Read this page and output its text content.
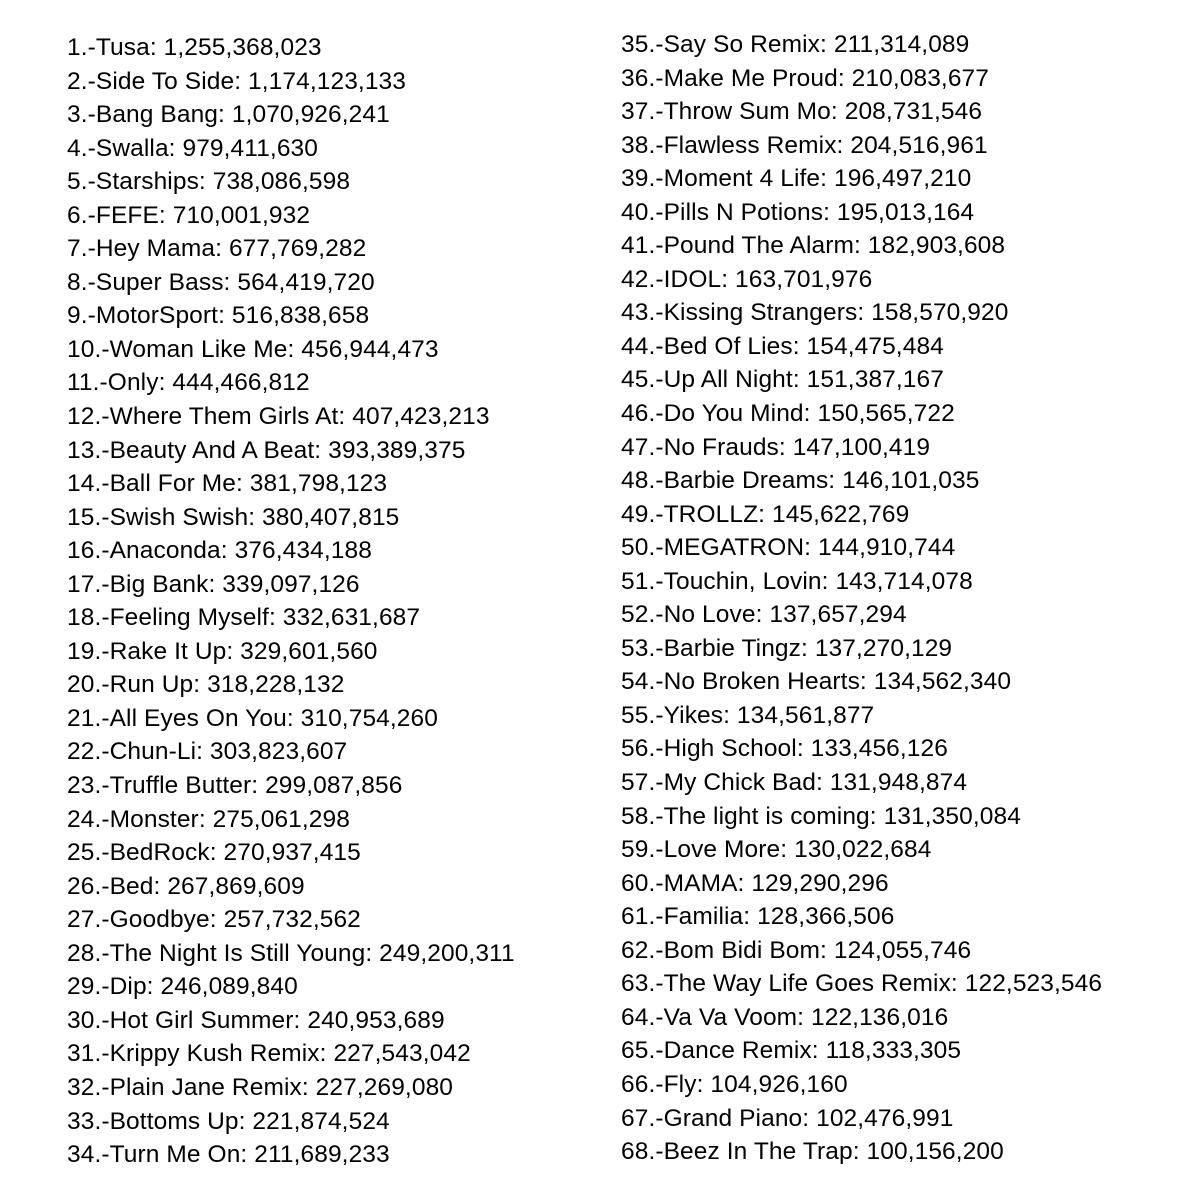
1.-Tusa: 1,255,368,023
2.-Side To Side: 1,174,123,133
3.-Bang Bang: 1,070,926,241
4.-Swalla: 979,411,630
5.-Starships: 738,086,598
6.-FEFE: 710,001,932
7.-Hey Mama: 677,769,282
8.-Super Bass: 564,419,720
9.-MotorSport: 516,838,658
10.-Woman Like Me: 456,944,473
11.-Only: 444,466,812
12.-Where Them Girls At: 407,423,213
13.-Beauty And A Beat: 393,389,375
14.-Ball For Me: 381,798,123
15.-Swish Swish: 380,407,815
16.-Anaconda: 376,434,188
17.-Big Bank: 339,097,126
18.-Feeling Myself: 332,631,687
19.-Rake It Up: 329,601,560
20.-Run Up: 318,228,132
21.-All Eyes On You: 310,754,260
22.-Chun-Li: 303,823,607
23.-Truffle Butter: 299,087,856
24.-Monster: 275,061,298
25.-BedRock: 270,937,415
26.-Bed: 267,869,609
27.-Goodbye: 257,732,562
28.-The Night Is Still Young: 249,200,311
29.-Dip: 246,089,840
30.-Hot Girl Summer: 240,953,689
31.-Krippy Kush Remix: 227,543,042
32.-Plain Jane Remix: 227,269,080
33.-Bottoms Up: 221,874,524
34.-Turn Me On: 211,689,233
35.-Say So Remix: 211,314,089
36.-Make Me Proud: 210,083,677
37.-Throw Sum Mo: 208,731,546
38.-Flawless Remix: 204,516,961
39.-Moment 4 Life: 196,497,210
40.-Pills N Potions: 195,013,164
41.-Pound The Alarm: 182,903,608
42.-IDOL: 163,701,976
43.-Kissing Strangers: 158,570,920
44.-Bed Of Lies: 154,475,484
45.-Up All Night: 151,387,167
46.-Do You Mind: 150,565,722
47.-No Frauds: 147,100,419
48.-Barbie Dreams: 146,101,035
49.-TROLLZ: 145,622,769
50.-MEGATRON: 144,910,744
51.-Touchin, Lovin: 143,714,078
52.-No Love: 137,657,294
53.-Barbie Tingz: 137,270,129
54.-No Broken Hearts: 134,562,340
55.-Yikes: 134,561,877
56.-High School: 133,456,126
57.-My Chick Bad: 131,948,874
58.-The light is coming: 131,350,084
59.-Love More: 130,022,684
60.-MAMA: 129,290,296
61.-Familia: 128,366,506
62.-Bom Bidi Bom: 124,055,746
63.-The Way Life Goes Remix: 122,523,546
64.-Va Va Voom: 122,136,016
65.-Dance Remix: 118,333,305
66.-Fly: 104,926,160
67.-Grand Piano: 102,476,991
68.-Beez In The Trap: 100,156,200
